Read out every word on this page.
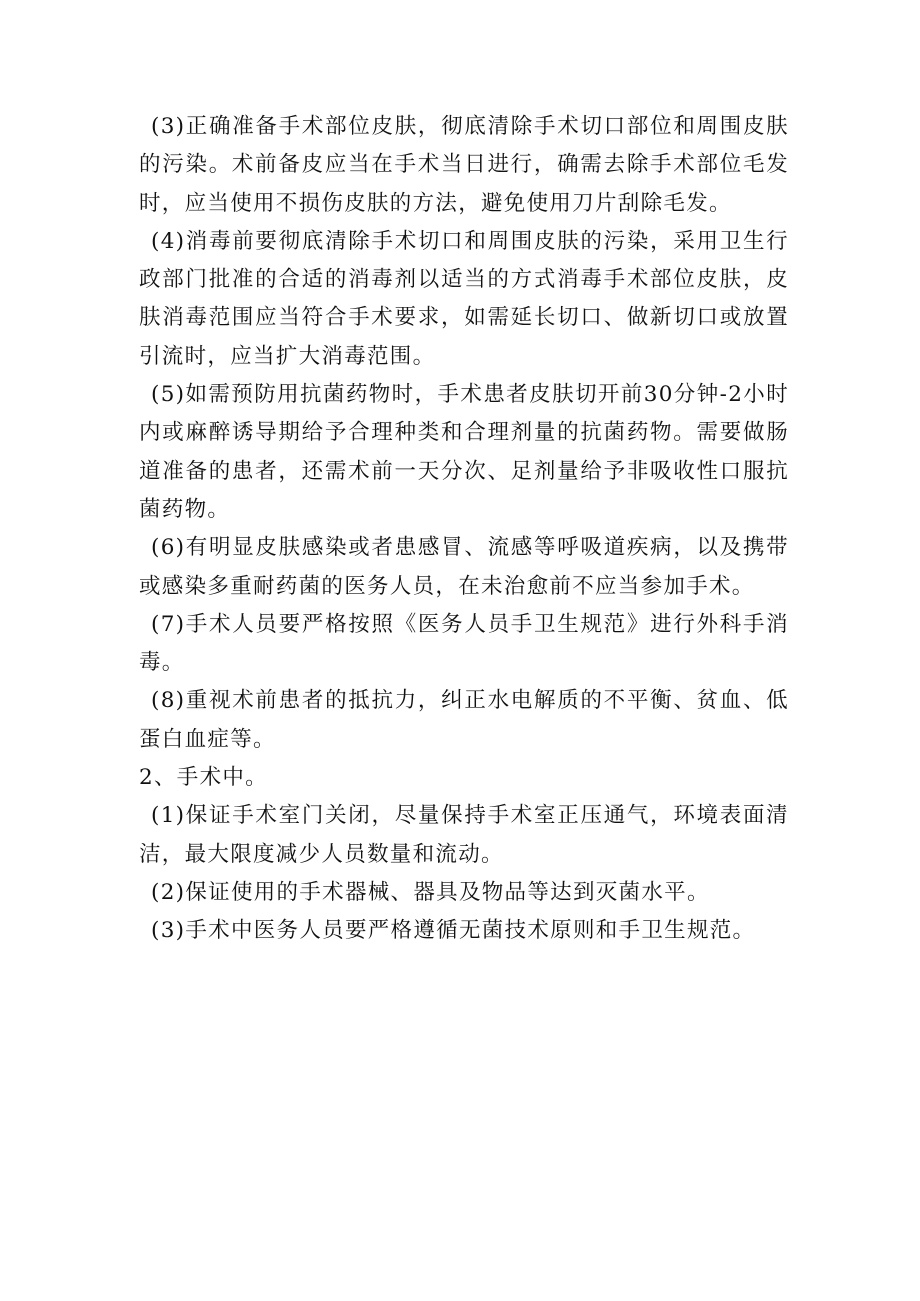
(3)正确准备手术部位皮肤，彻底清除手术切口部位和周围皮肤的污染。术前备皮应当在手术当日进行，确需去除手术部位毛发时，应当使用不损伤皮肤的方法，避免使用刀片刮除毛发。

(4)消毒前要彻底清除手术切口和周围皮肤的污染，采用卫生行政部门批准的合适的消毒剂以适当的方式消毒手术部位皮肤，皮肤消毒范围应当符合手术要求，如需延长切口、做新切口或放置引流时，应当扩大消毒范围。

(5)如需预防用抗菌药物时，手术患者皮肤切开前30分钟-2小时内或麻醉诱导期给予合理种类和合理剂量的抗菌药物。需要做肠道准备的患者，还需术前一天分次、足剂量给予非吸收性口服抗菌药物。

(6)有明显皮肤感染或者患感冒、流感等呼吸道疾病，以及携带或感染多重耐药菌的医务人员，在未治愈前不应当参加手术。

(7)手术人员要严格按照《医务人员手卫生规范》进行外科手消毒。

(8)重视术前患者的抵抗力，纠正水电解质的不平衡、贫血、低蛋白血症等。

2、手术中。

(1)保证手术室门关闭，尽量保持手术室正压通气，环境表面清洁，最大限度减少人员数量和流动。

(2)保证使用的手术器械、器具及物品等达到灭菌水平。

(3)手术中医务人员要严格遵循无菌技术原则和手卫生规范。
